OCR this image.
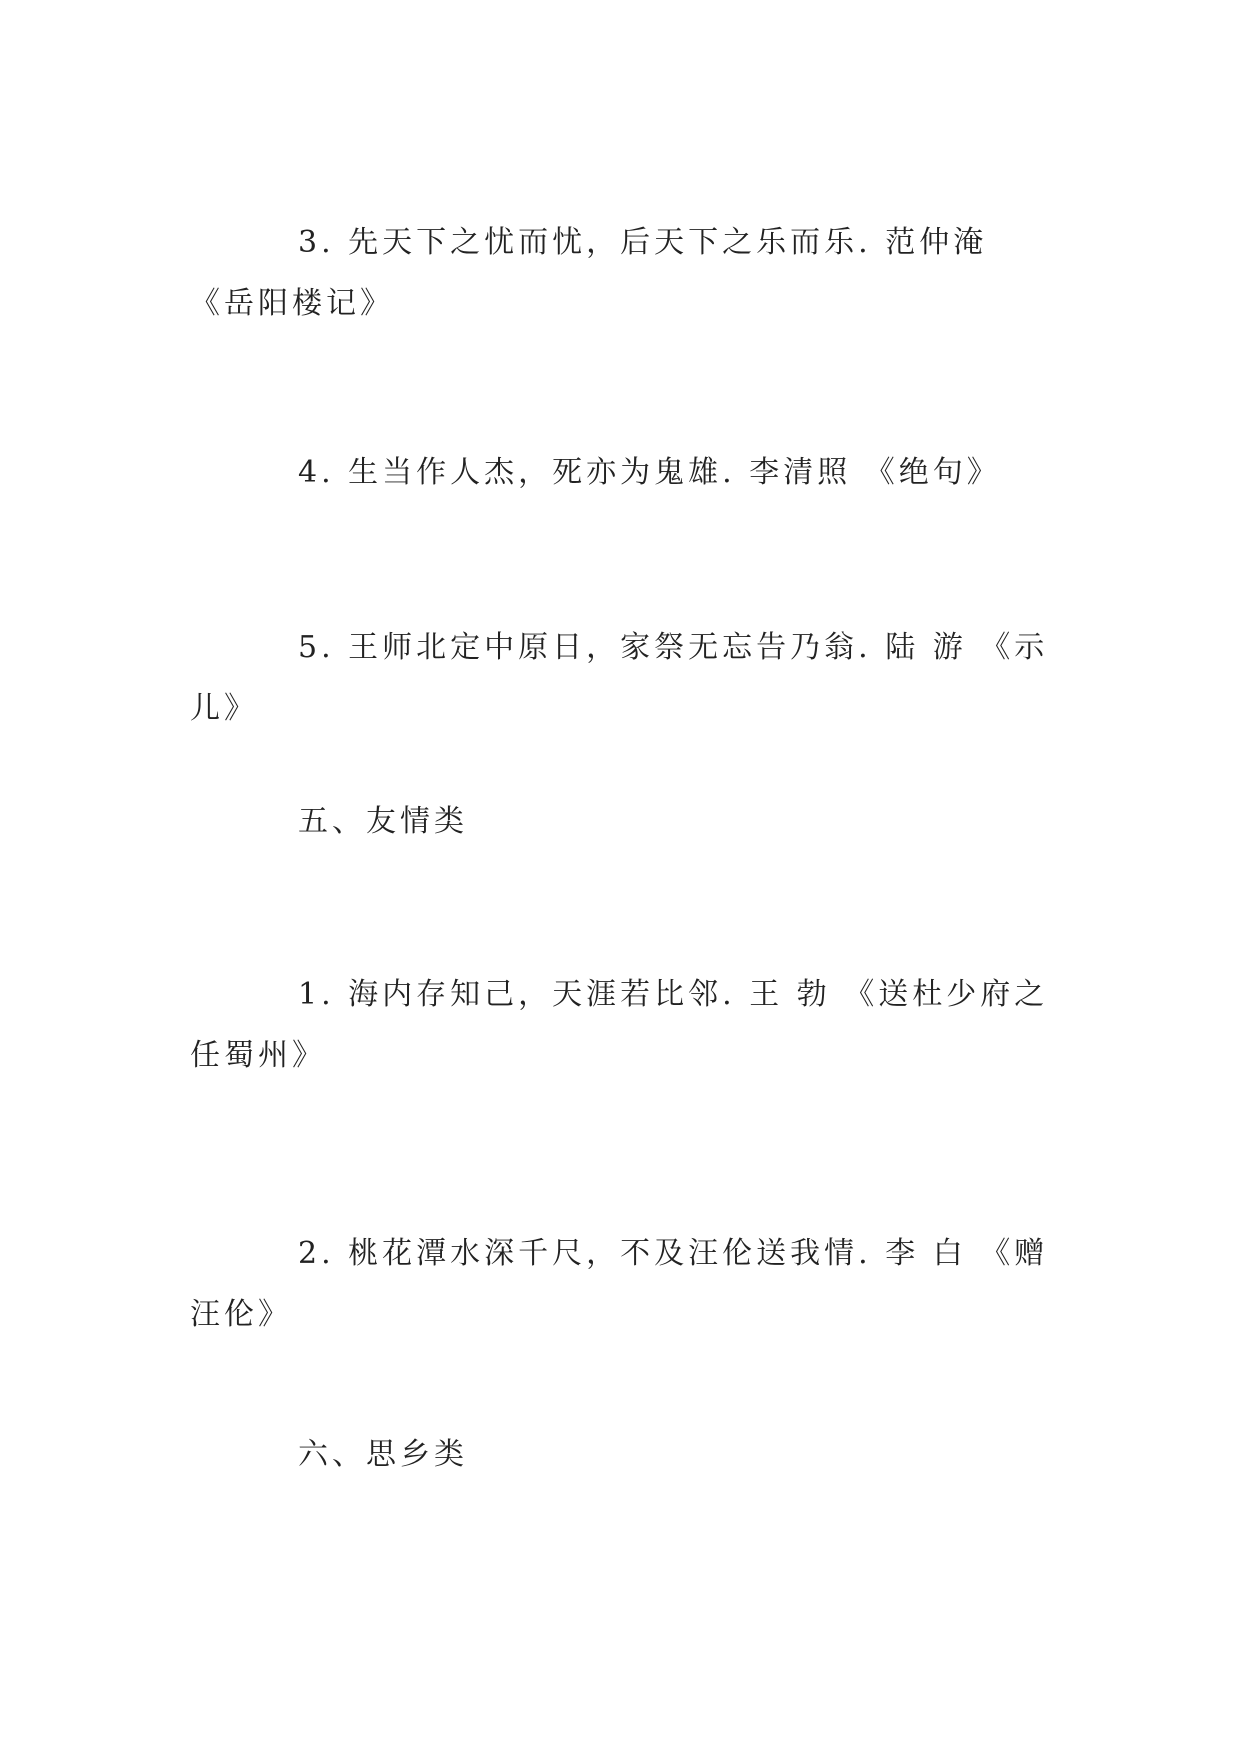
3. 先天下之忧而忧，后天下之乐而乐. 范仲淹 《岳阳楼记》

4. 生当作人杰，死亦为鬼雄. 李清照 《绝句》

5. 王师北定中原日，家祭无忘告乃翁. 陆 游 《示儿》

五、友情类

1. 海内存知己，天涯若比邻. 王 勃 《送杜少府之任蜀州》

2. 桃花潭水深千尺，不及汪伦送我情. 李 白 《赠汪伦》

六、思乡类
